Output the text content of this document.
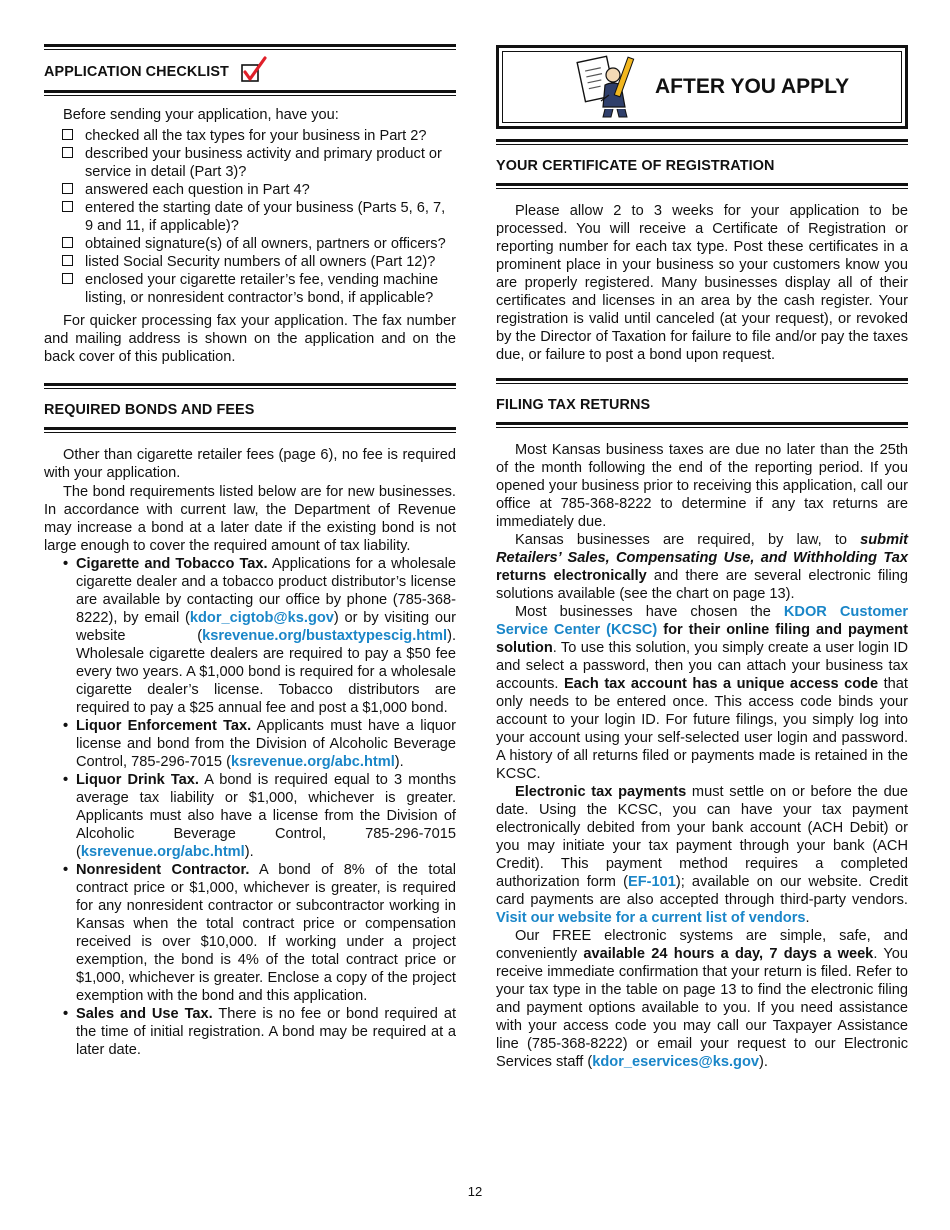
APPLICATION CHECKLIST

Before sending your application, have you:

checked all the tax types for your business in Part 2?
described your business activity and primary product or service in detail (Part 3)?
answered each question in Part 4?
entered the starting date of your business (Parts 5, 6, 7, 9 and 11, if applicable)?
obtained signature(s) of all owners, partners or officers?
listed Social Security numbers of all owners (Part 12)?
enclosed your cigarette retailer’s fee, vending machine listing, or nonresident contractor’s bond, if applicable?

For quicker processing fax your application. The fax number and mailing address is shown on the application and on the back cover of this publication.

REQUIRED BONDS AND FEES

Other than cigarette retailer fees (page 6), no fee is required with your application.

The bond requirements listed below are for new businesses. In accordance with current law, the Department of Revenue may increase a bond at a later date if the existing bond is not large enough to cover the required amount of tax liability.

• Cigarette and Tobacco Tax. Applications for a wholesale cigarette dealer and a tobacco product distributor’s license are available by contacting our office by phone (785-368-8222), by email (kdor_cigtob@ks.gov) or by visiting our website (ksrevenue.org/bustaxtypescig.html). Wholesale cigarette dealers are required to pay a $50 fee every two years. A $1,000 bond is required for a wholesale cigarette dealer’s license. Tobacco distributors are required to pay a $25 annual fee and post a $1,000 bond.
• Liquor Enforcement Tax. Applicants must have a liquor license and bond from the Division of Alcoholic Beverage Control, 785-296-7015 (ksrevenue.org/abc.html).
• Liquor Drink Tax. A bond is required equal to 3 months average tax liability or $1,000, whichever is greater. Applicants must also have a license from the Division of Alcoholic Beverage Control, 785-296-7015 (ksrevenue.org/abc.html).
• Nonresident Contractor. A bond of 8% of the total contract price or $1,000, whichever is greater, is required for any nonresident contractor or subcontractor working in Kansas when the total contract price or compensation received is over $10,000. If working under a project exemption, the bond is 4% of the total contract price or $1,000, whichever is greater. Enclose a copy of the project exemption with the bond and this application.
• Sales and Use Tax. There is no fee or bond required at the time of initial registration. A bond may be required at a later date.
AFTER YOU APPLY
YOUR CERTIFICATE OF REGISTRATION

Please allow 2 to 3 weeks for your application to be processed. You will receive a Certificate of Registration or reporting number for each tax type. Post these certificates in a prominent place in your business so your customers know you are properly registered. Many businesses display all of their certificates and licenses in an area by the cash register. Your registration is valid until canceled (at your request), or revoked by the Director of Taxation for failure to file and/or pay the taxes due, or failure to post a bond upon request.

FILING TAX RETURNS

Most Kansas business taxes are due no later than the 25th of the month following the end of the reporting period. If you opened your business prior to receiving this application, call our office at 785-368-8222 to determine if any tax returns are immediately due.

Kansas businesses are required, by law, to submit Retailers’ Sales, Compensating Use, and Withholding Tax returns electronically and there are several electronic filing solutions available (see the chart on page 13).

Most businesses have chosen the KDOR Customer Service Center (KCSC) for their online filing and payment solution. To use this solution, you simply create a user login ID and select a password, then you can attach your business tax accounts. Each tax account has a unique access code that only needs to be entered once. This access code binds your account to your login ID. For future filings, you simply log into your account using your self-selected user login and password. A history of all returns filed or payments made is retained in the KCSC.

Electronic tax payments must settle on or before the due date. Using the KCSC, you can have your tax payment electronically debited from your bank account (ACH Debit) or you may initiate your tax payment through your bank (ACH Credit). This payment method requires a completed authorization form (EF-101); available on our website. Credit card payments are also accepted through third-party vendors. Visit our website for a current list of vendors.

Our FREE electronic systems are simple, safe, and conveniently available 24 hours a day, 7 days a week. You receive immediate confirmation that your return is filed. Refer to your tax type in the table on page 13 to find the electronic filing and payment options available to you. If you need assistance with your access code you may call our Taxpayer Assistance line (785-368-8222) or email your request to our Electronic Services staff (kdor_eservices@ks.gov).

12
